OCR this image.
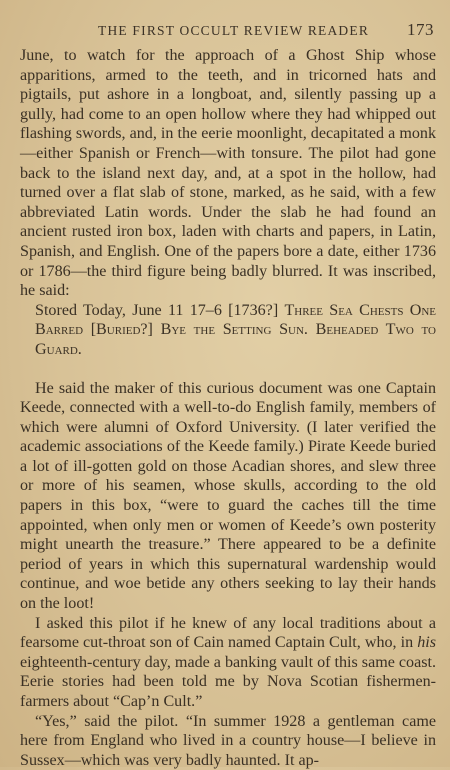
THE FIRST OCCULT REVIEW READER 173

June, to watch for the approach of a Ghost Ship whose apparitions, armed to the teeth, and in tricorned hats and pigtails, put ashore in a longboat, and, silently passing up a gully, had come to an open hollow where they had whipped out flashing swords, and, in the eerie moonlight, decapitated a monk—either Spanish or French—with tonsure. The pilot had gone back to the island next day, and, at a spot in the hollow, had turned over a flat slab of stone, marked, as he said, with a few abbreviated Latin words. Under the slab he had found an ancient rusted iron box, laden with charts and papers, in Latin, Spanish, and English. One of the papers bore a date, either 1736 or 1786—the third figure being badly blurred. It was inscribed, he said:

Stored Today, June 11 17–6 [1736?] Three Sea Chests One Barred [Buried?] Bye the Setting Sun. Beheaded Two to Guard.

He said the maker of this curious document was one Captain Keede, connected with a well-to-do English family, members of which were alumni of Oxford University. (I later verified the academic associations of the Keede family.) Pirate Keede buried a lot of ill-gotten gold on those Acadian shores, and slew three or more of his seamen, whose skulls, according to the old papers in this box, “were to guard the caches till the time appointed, when only men or women of Keede’s own posterity might unearth the treasure.” There appeared to be a definite period of years in which this supernatural wardenship would continue, and woe betide any others seeking to lay their hands on the loot!

I asked this pilot if he knew of any local traditions about a fearsome cut-throat son of Cain named Captain Cult, who, in his eighteenth-century day, made a banking vault of this same coast. Eerie stories had been told me by Nova Scotian fishermen-farmers about “Cap’n Cult.”

“Yes,” said the pilot. “In summer 1928 a gentleman came here from England who lived in a country house—I believe in Sussex—which was very badly haunted. It ap-
